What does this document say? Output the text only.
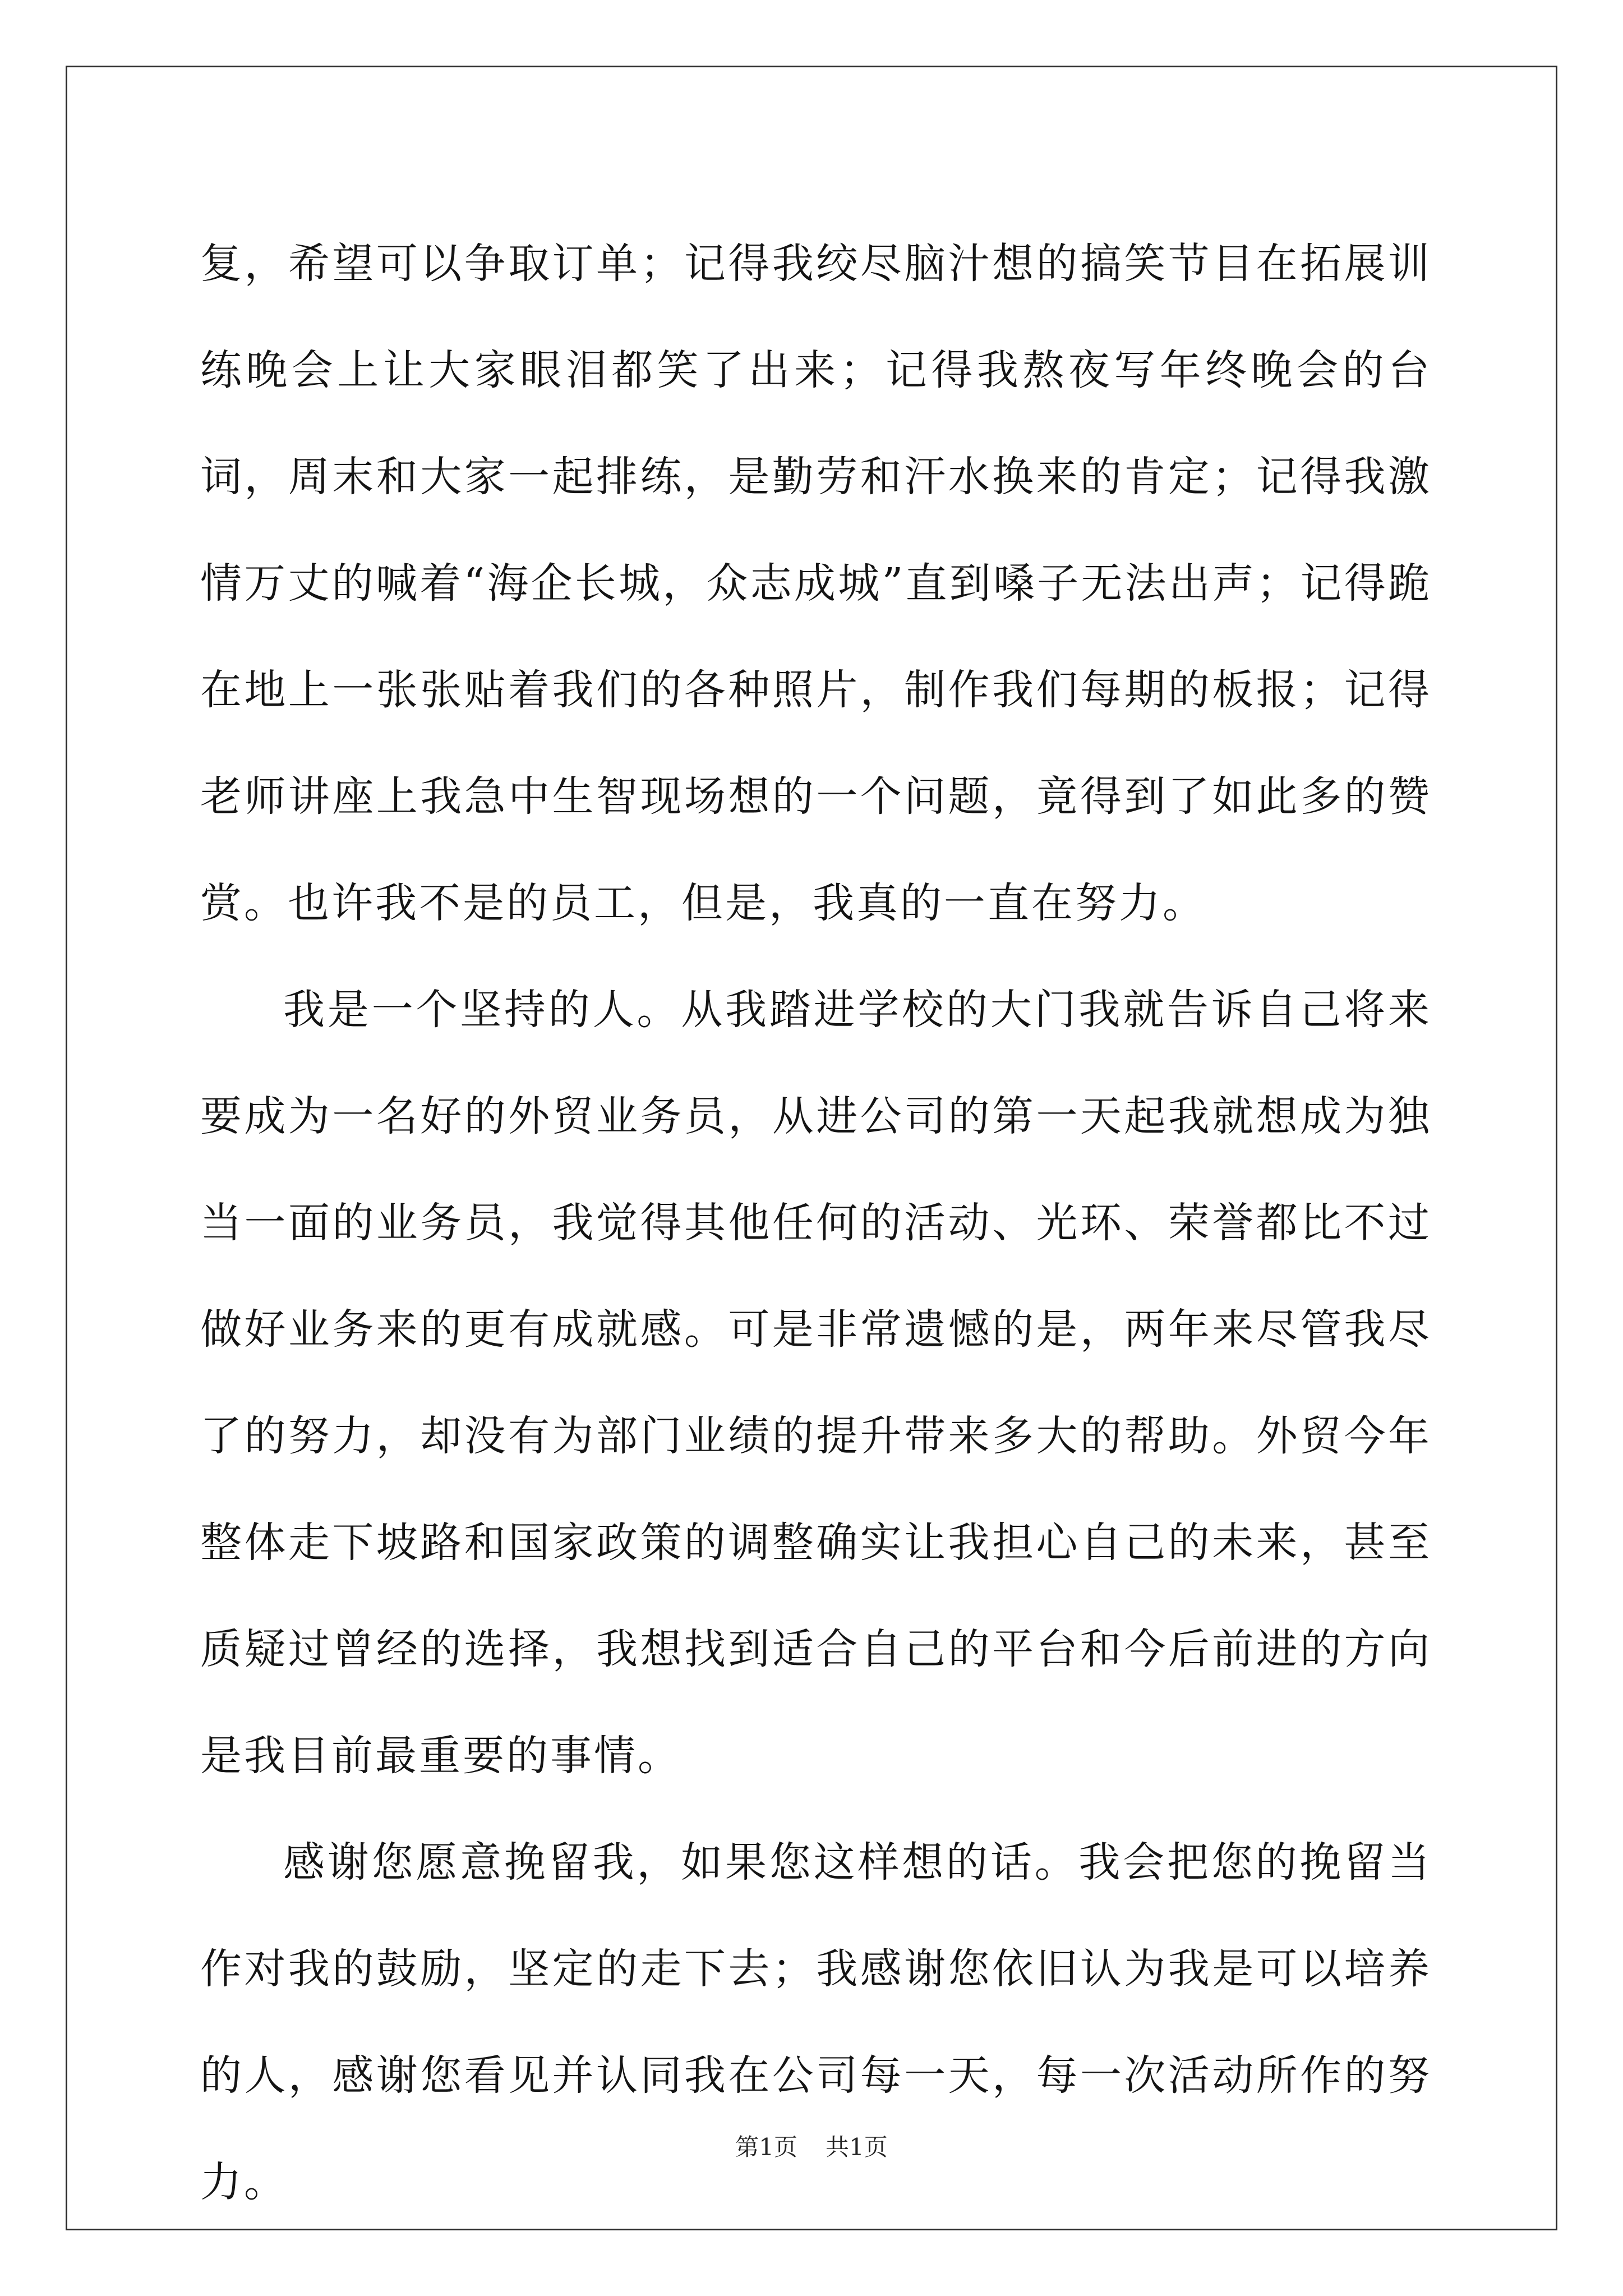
复，希望可以争取订单；记得我绞尽脑汁想的搞笑节目在拓展训练晚会上让大家眼泪都笑了出来；记得我熬夜写年终晚会的台词，周末和大家一起排练，是勤劳和汗水换来的肯定；记得我激情万丈的喊着“海企长城，众志成城”直到嗓子无法出声；记得跪在地上一张张贴着我们的各种照片，制作我们每期的板报；记得老师讲座上我急中生智现场想的一个问题，竟得到了如此多的赞赏。也许我不是的员工，但是，我真的一直在努力。

我是一个坚持的人。从我踏进学校的大门我就告诉自己将来要成为一名好的外贸业务员，从进公司的第一天起我就想成为独当一面的业务员，我觉得其他任何的活动、光环、荣誉都比不过做好业务来的更有成就感。可是非常遗憾的是，两年来尽管我尽了的努力，却没有为部门业绩的提升带来多大的帮助。外贸今年整体走下坡路和国家政策的调整确实让我担心自己的未来，甚至质疑过曾经的选择，我想找到适合自己的平台和今后前进的方向是我目前最重要的事情。

感谢您愿意挽留我，如果您这样想的话。我会把您的挽留当作对我的鼓励，坚定的走下去；我感谢您依旧认为我是可以培养的人，感谢您看见并认同我在公司每一天，每一次活动所作的努力。

第1页 共1页
